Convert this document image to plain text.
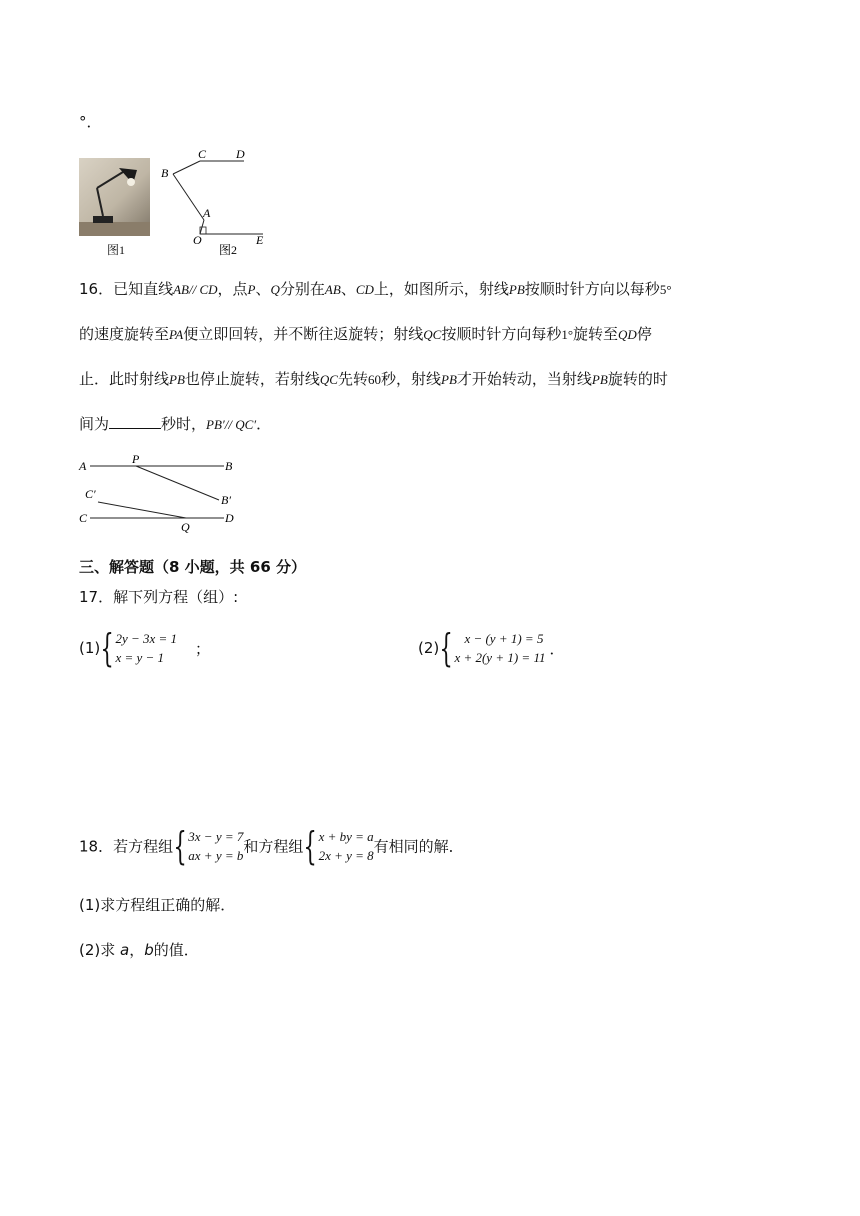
°．
图1
C D
B
A
O	E
图2
16．已知直线AB// CD，点P、Q分别在AB、CD上，如图所示，射线PB按顺时针方向以每秒5°
的速度旋转至PA便立即回转，并不断往返旋转；射线QC按顺时针方向每秒1°旋转至QD停
止．此时射线PB也停止旋转，若射线QC先转60秒，射线PB才开始转动，当射线PB旋转的时
间为	秒时，PB′// QC′．
A	P	B
C′	B′
C
Q
D
三、解答题（8 小题，共 66 分）
17．解下列方程（组）:
(1) { 2y − 3x = 1
x = y − 1	；	(2) { x − (y + 1) = 5
x + 2(y + 1) = 11 ．
18．若方程组 { 3x − y = 7
ax + y = b 和方程组 { x + by = a
2x + y = 8 有相同的解．
(1)求方程组正确的解．
(2)求 a，b的值．
